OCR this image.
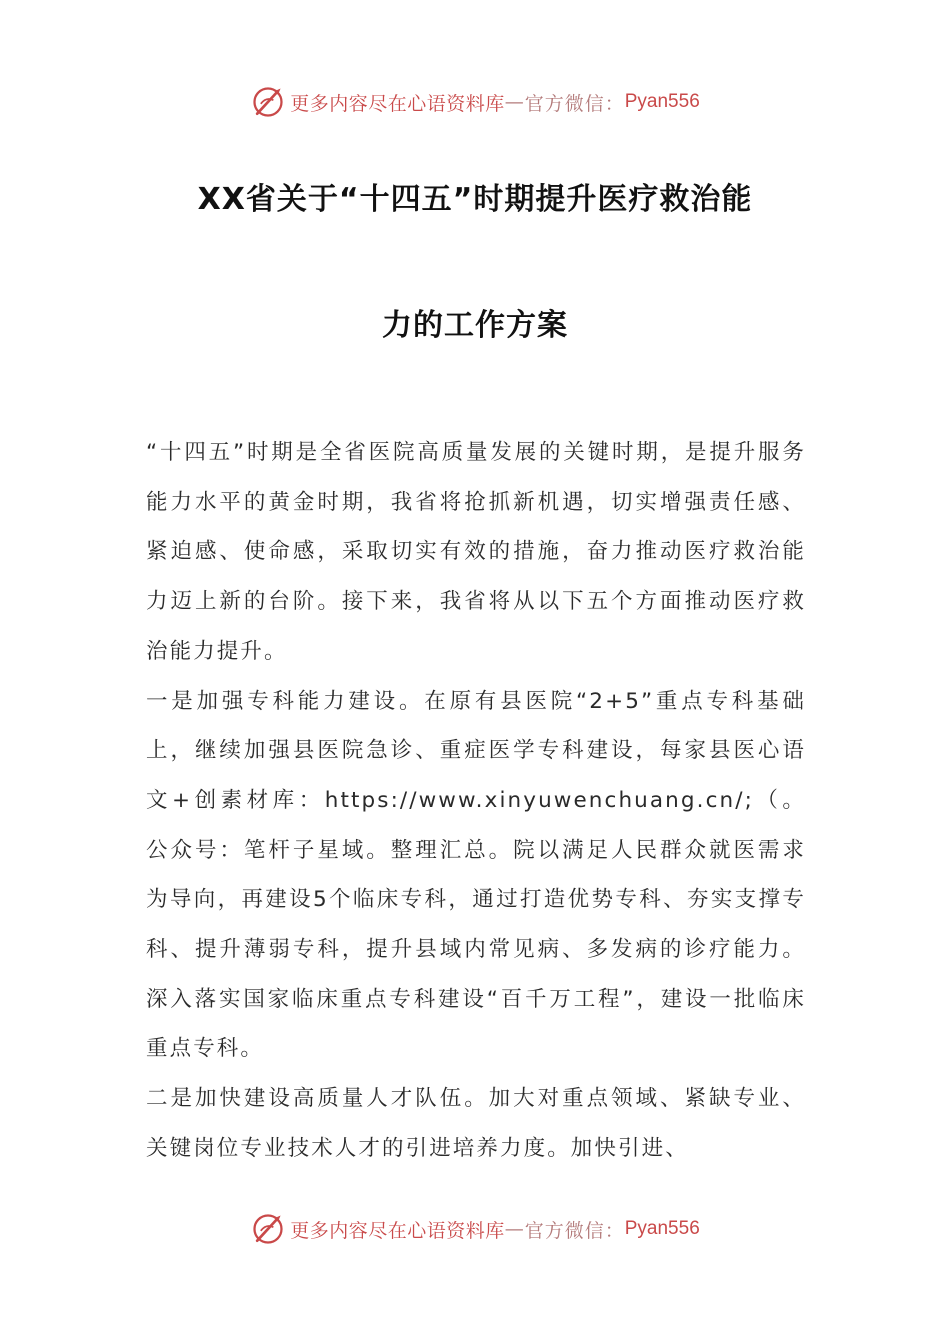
更多内容尽在心语资料库 — 官方微信： Pyan556
XX省关于“十四五”时期提升医疗救治能
力的工作方案

“十四五”时期是全省医院高质量发展的关键时期，是提升服务能力水平的黄金时期，我省将抢抓新机遇，切实增强责任感、紧迫感、使命感，采取切实有效的措施，奋力推动医疗救治能力迈上新的台阶。接下来，我省将从以下五个方面推动医疗救治能力提升。

一是加强专科能力建设。在原有县医院“2+5”重点专科基础上，继续加强县医院急诊、重症医学专科建设，每家县医心语文+创素材库：https://www.xinyuwenchuang.cn/;（。公众号：笔杆子星域。整理汇总。院以满足人民群众就医需求为导向，再建设5个临床专科，通过打造优势专科、夯实支撑专科、提升薄弱专科，提升县域内常见病、多发病的诊疗能力。深入落实国家临床重点专科建设“百千万工程”，建设一批临床重点专科。

二是加快建设高质量人才队伍。加大对重点领域、紧缺专业、关键岗位专业技术人才的引进培养力度。加快引进、

更多内容尽在心语资料库 — 官方微信： Pyan556
